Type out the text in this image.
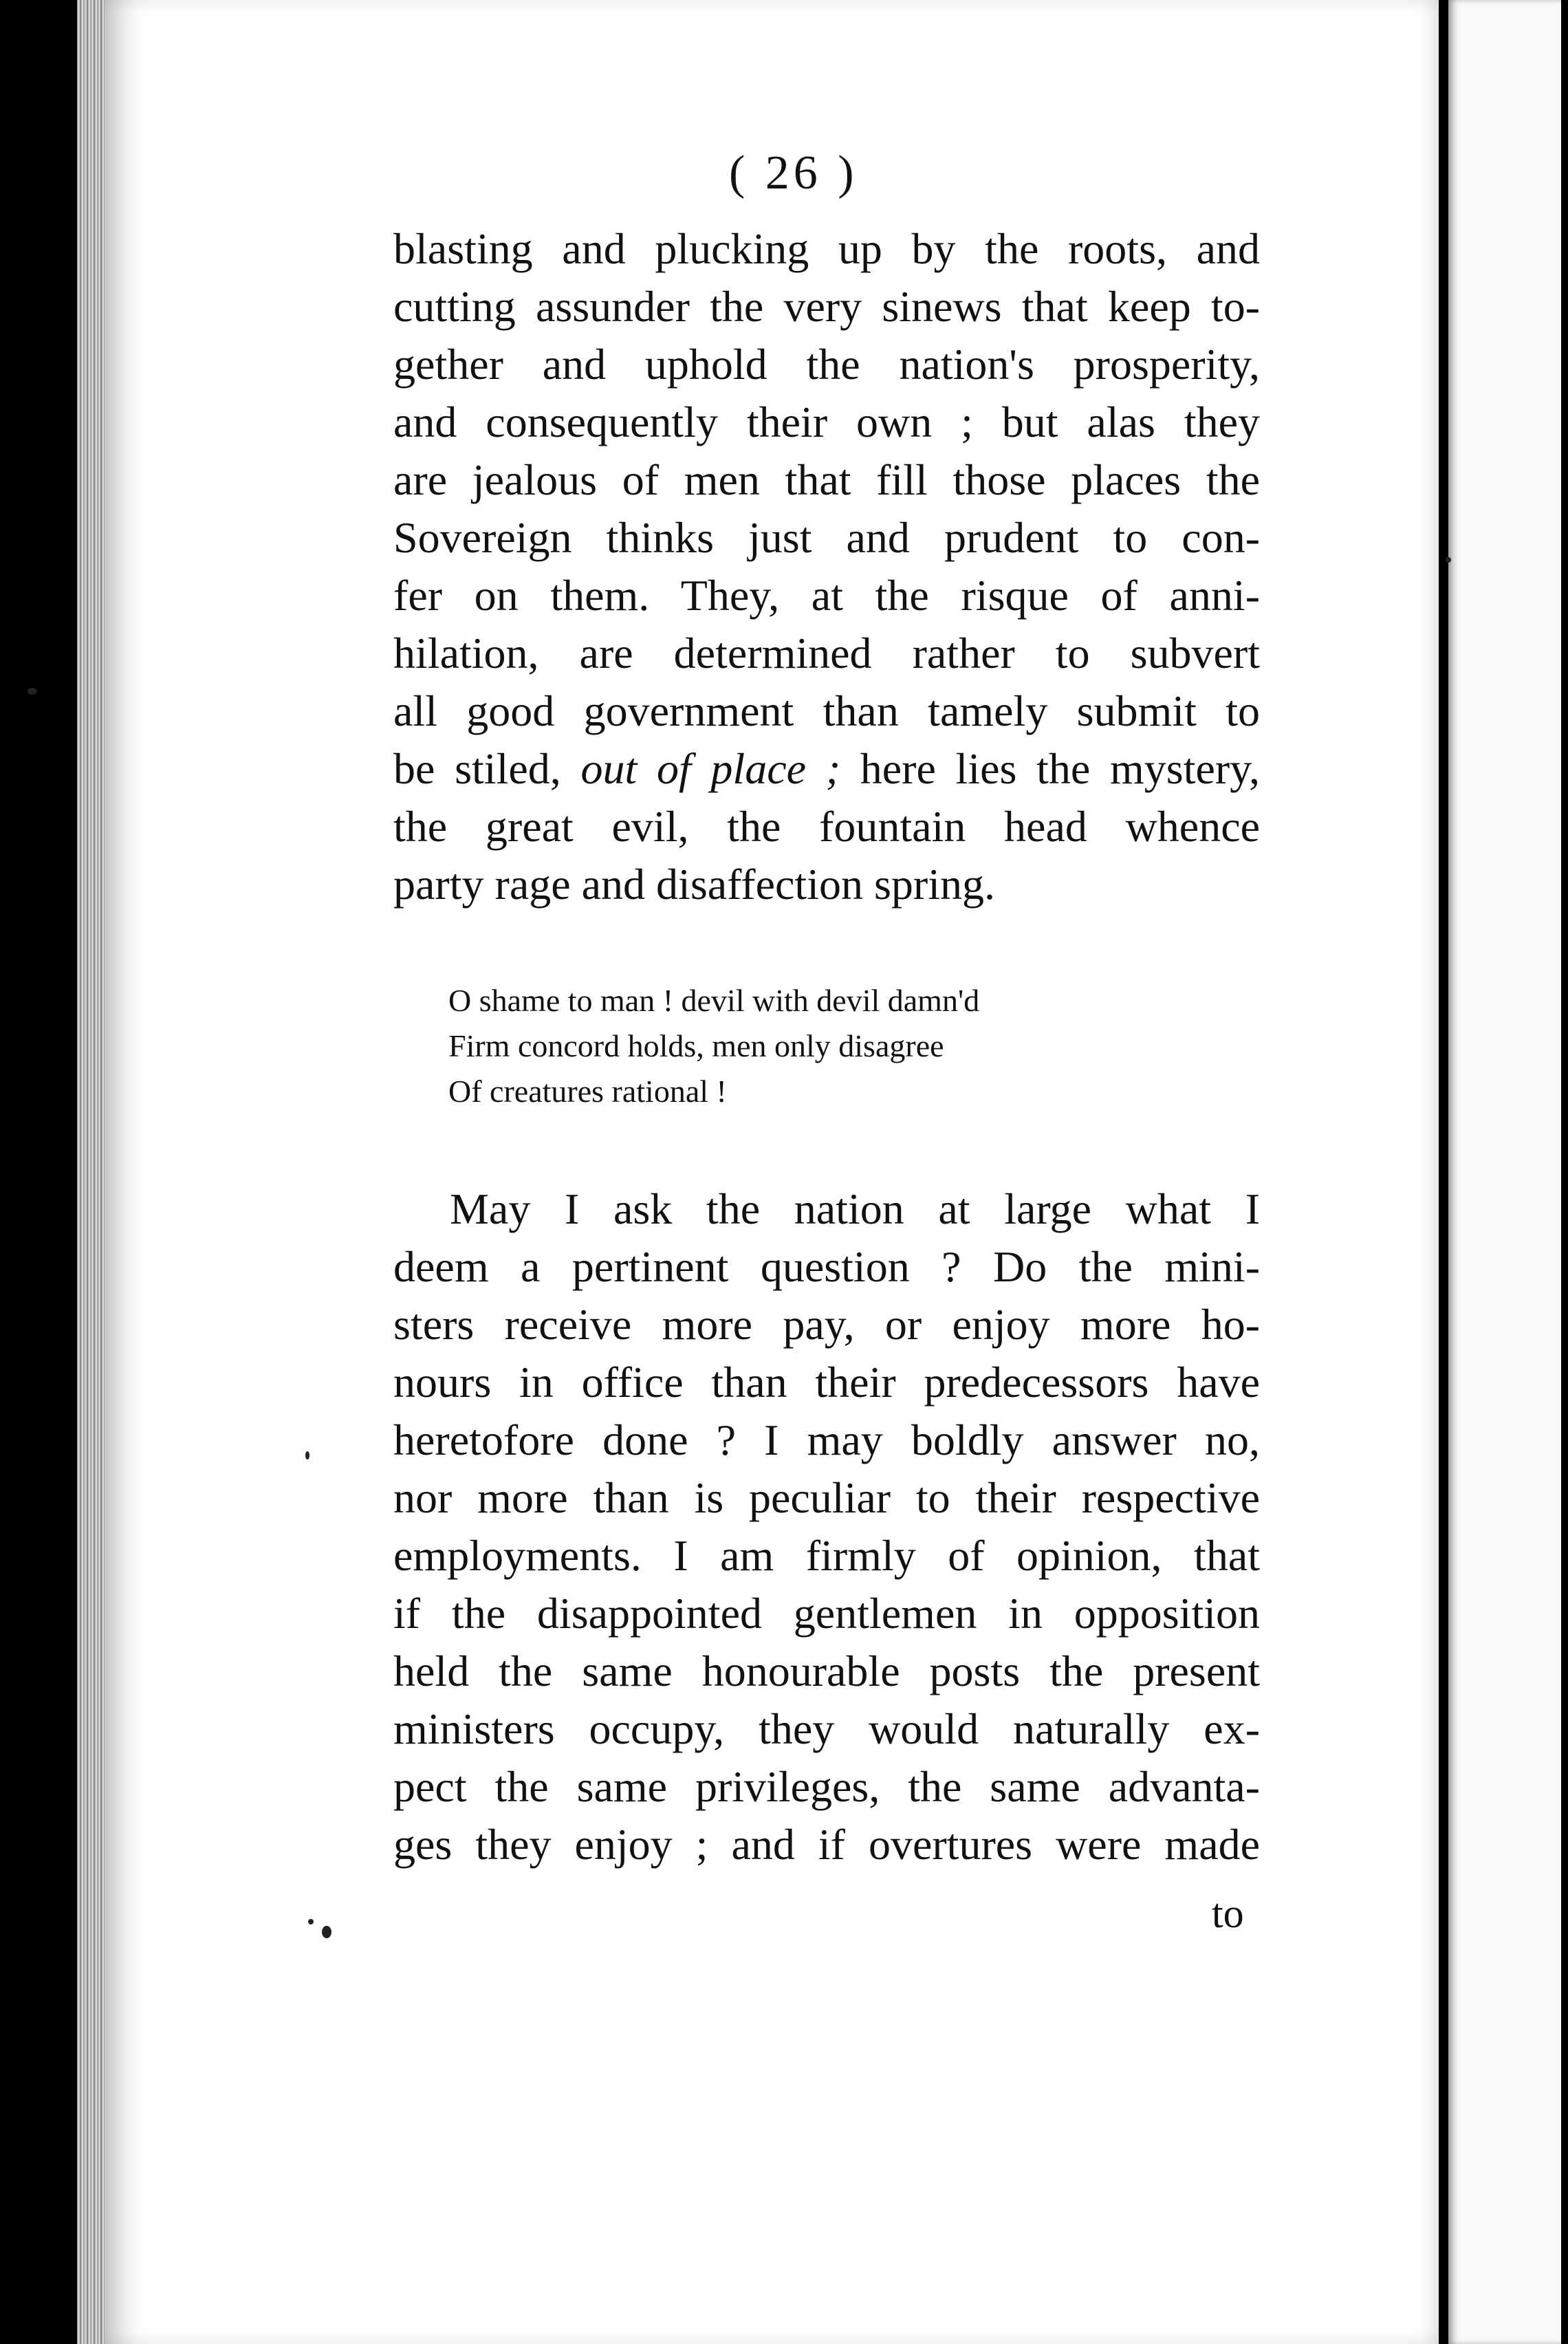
( 26 )
blasting and plucking up by the roots, and
cutting assunder the very sinews that keep to-
gether and uphold the nation's prosperity,
and consequently their own ; but alas they
are jealous of men that fill those places the
Sovereign thinks just and prudent to con-
fer on them. They, at the risque of anni-
hilation, are determined rather to subvert
all good government than tamely submit to
be stiled, out of place ; here lies the mystery,
the great evil, the fountain head whence
party rage and disaffection spring.
O shame to man ! devil with devil damn'd
Firm concord holds, men only disagree
Of creatures rational !
May I ask the nation at large what I
deem a pertinent question ? Do the mini-
sters receive more pay, or enjoy more ho-
nours in office than their predecessors have
heretofore done ? I may boldly answer no,
nor more than is peculiar to their respective
employments. I am firmly of opinion, that
if the disappointed gentlemen in opposition
held the same honourable posts the present
ministers occupy, they would naturally ex-
pect the same privileges, the same advanta-
ges they enjoy ; and if overtures were made
to
